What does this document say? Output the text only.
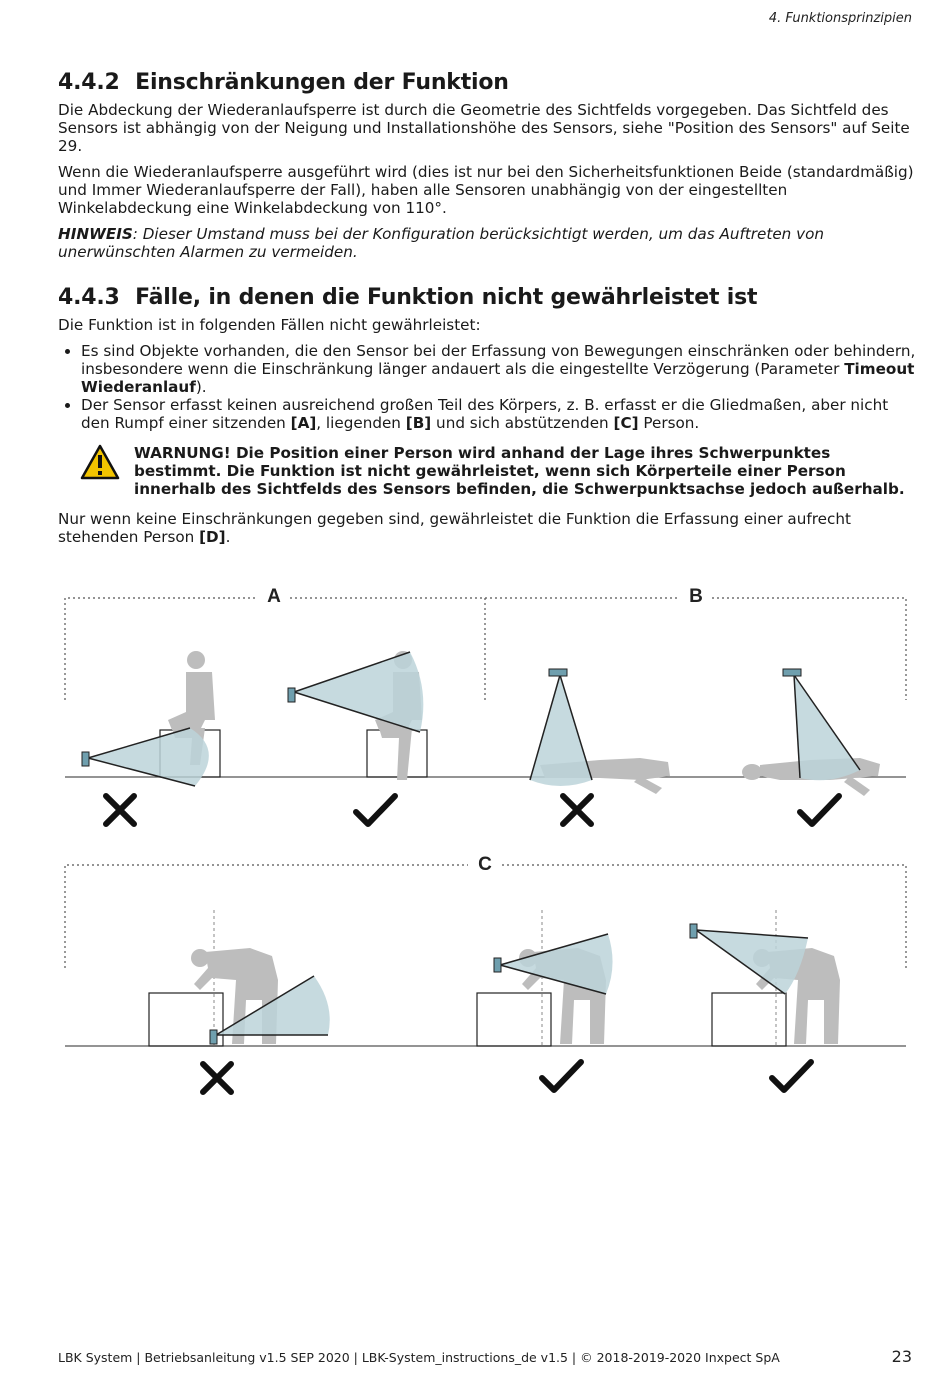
4. Funktionsprinzipien
4.4.2 Einschränkungen der Funktion

Die Abdeckung der Wiederanlaufsperre ist durch die Geometrie des Sichtfelds vorgegeben. Das Sichtfeld des Sensors ist abhängig von der Neigung und Installationshöhe des Sensors, siehe "Position des Sensors" auf Seite 29.

Wenn die Wiederanlaufsperre ausgeführt wird (dies ist nur bei den Sicherheitsfunktionen Beide (standardmäßig) und Immer Wiederanlaufsperre der Fall), haben alle Sensoren unabhängig von der eingestellten Winkelabdeckung eine Winkelabdeckung von 110°.

HINWEIS: Dieser Umstand muss bei der Konfiguration berücksichtigt werden, um das Auftreten von unerwünschten Alarmen zu vermeiden.

4.4.3 Fälle, in denen die Funktion nicht gewährleistet ist

Die Funktion ist in folgenden Fällen nicht gewährleistet:

• Es sind Objekte vorhanden, die den Sensor bei der Erfassung von Bewegungen einschränken oder behindern, insbesondere wenn die Einschränkung länger andauert als die eingestellte Verzögerung (Parameter Timeout Wiederanlauf).
• Der Sensor erfasst keinen ausreichend großen Teil des Körpers, z. B. erfasst er die Gliedmaßen, aber nicht den Rumpf einer sitzenden [A], liegenden [B] und sich abstützenden [C] Person.
WARNUNG! Die Position einer Person wird anhand der Lage ihres Schwerpunktes bestimmt. Die Funktion ist nicht gewährleistet, wenn sich Körperteile einer Person innerhalb des Sichtfelds des Sensors befinden, die Schwerpunktsachse jedoch außerhalb.

Nur wenn keine Einschränkungen gegeben sind, gewährleistet die Funktion die Erfassung einer aufrecht stehenden Person [D].

A	B
C
LBK System | Betriebsanleitung v1.5 SEP 2020 | LBK-System_instructions_de v1.5 | © 2018-2019-2020 Inxpect SpA	23
